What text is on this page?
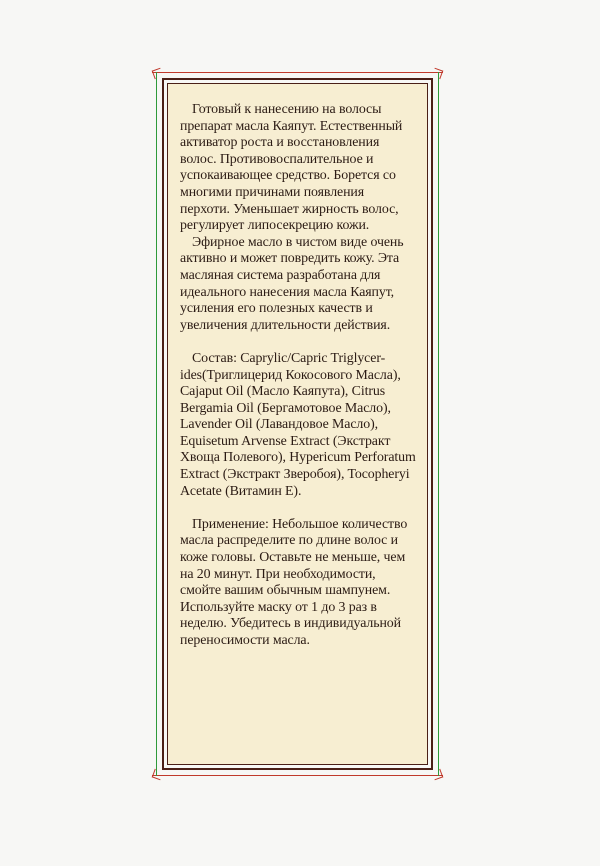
Готовый к нанесению на волосы препарат масла Каяпут. Естественный активатор роста и восстановления волос. Противовоспалительное и успокаивающее средство. Борется со многими причинами появления перхоти. Уменьшает жирность волос, регулирует липосекрецию кожи.

Эфирное масло в чистом виде очень активно и может повредить кожу. Эта масляная система разработана для идеального нанесения масла Каяпут, усиления его полезных качеств и увеличения длительности действия.

Состав: Caprylic/Capric Triglycer-ides(Триглицерид Кокосового Масла), Cajaput Oil (Масло Каяпута), Citrus Bergamia Oil (Бергамотовое Масло), Lavender Oil (Лавандовое Масло), Equisetum Arvense Extract (Экстракт Хвоща Полевого), Hypericum Perforatum Extract (Экстракт Зверобоя), Tocopheryi Acetate (Витамин Е).

Применение: Небольшое количество масла распределите по длине волос и коже головы. Оставьте не меньше, чем на 20 минут. При необходимости, смойте вашим обычным шампунем. Используйте маску от 1 до 3 раз в неделю. Убедитесь в индивидуальной переносимости масла.
